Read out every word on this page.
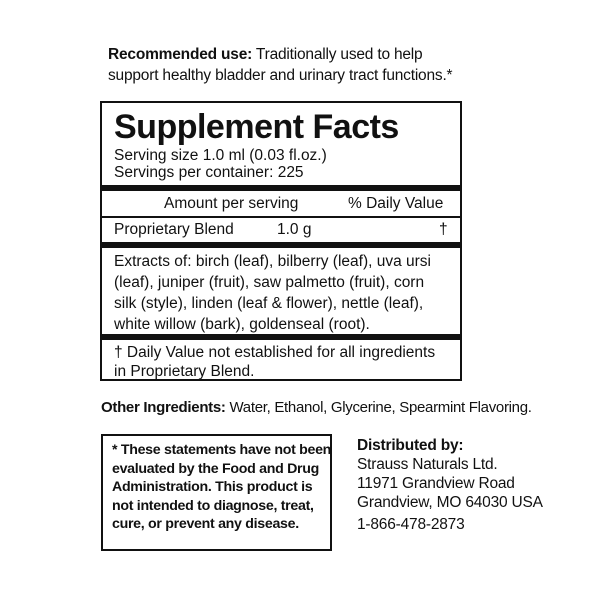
Recommended use: Traditionally used to help
support healthy bladder and urinary tract functions.*
Supplement Facts
Serving size 1.0 ml (0.03 fl.oz.)
Servings per container: 225
Amount per serving	% Daily Value
Proprietary Blend	1.0 g	†
Extracts of: birch (leaf), bilberry (leaf), uva ursi
(leaf), juniper (fruit), saw palmetto (fruit), corn
silk (style), linden (leaf & flower), nettle (leaf),
white willow (bark), goldenseal (root).
† Daily Value not established for all ingredients
in Proprietary Blend.
Other Ingredients: Water, Ethanol, Glycerine, Spearmint Flavoring.
* These statements have not been
evaluated by the Food and Drug
Administration. This product is
not intended to diagnose, treat,
cure, or prevent any disease.
Distributed by:
Strauss Naturals Ltd.
11971 Grandview Road
Grandview, MO 64030 USA
1-866-478-2873
